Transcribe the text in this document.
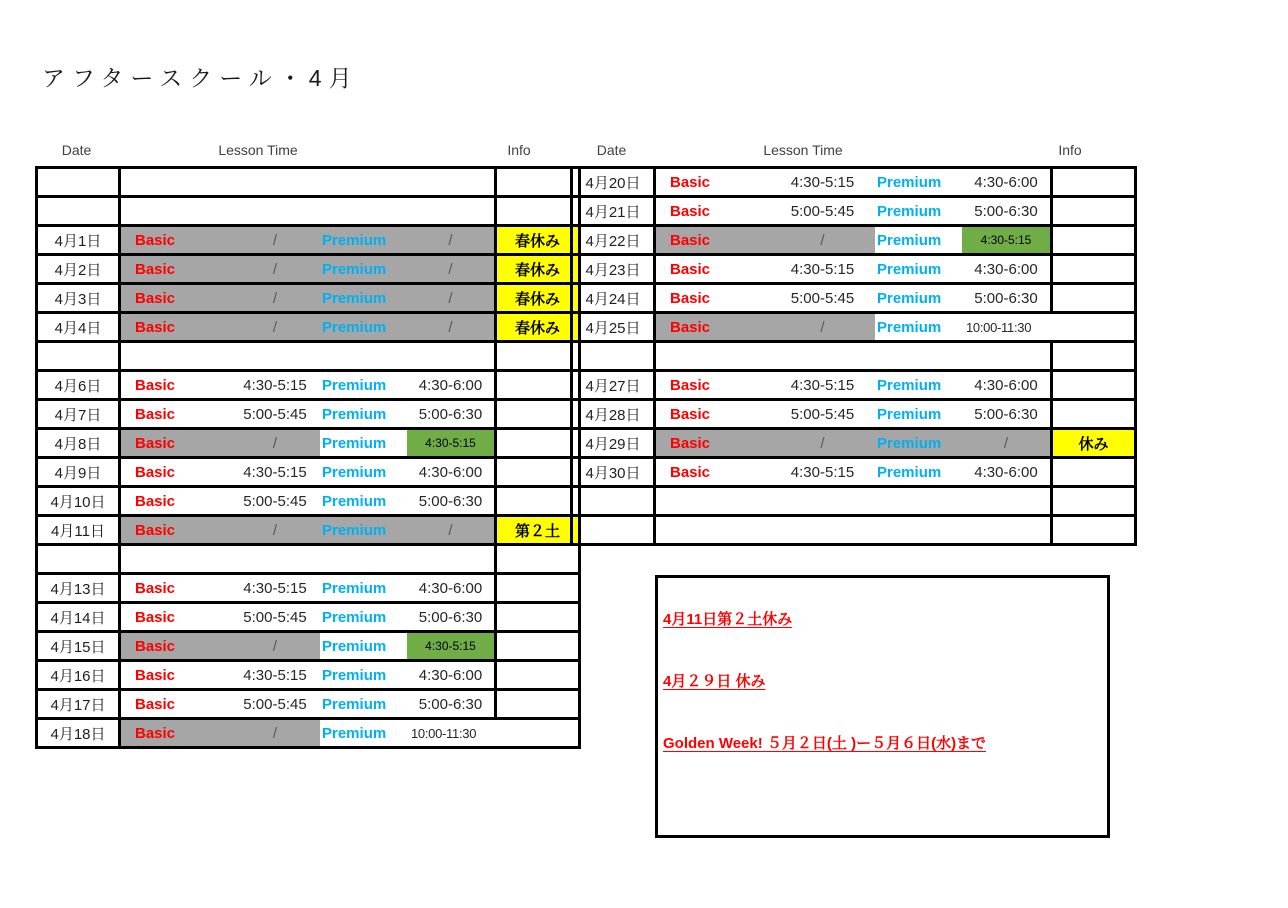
アフタースクール・4月
Date	Lesson Time	Info	Date	Lesson Time	Info

4月1日	Basic / Premium /	春休み
4月2日	Basic / Premium /	春休み
4月3日	Basic / Premium /	春休み
4月4日	Basic / Premium /	春休み

4月6日	Basic 4:30-5:15 Premium 4:30-6:00	

4月7日	Basic 5:00-5:45 Premium 5:00-6:30	

4月8日	Basic / Premium 4:30-5:15	

4月9日	Basic 4:30-5:15 Premium 4:30-6:00	

4月10日	Basic 5:00-5:45 Premium 5:00-6:30	

4月11日	Basic / Premium /	第２土

4月13日	Basic 4:30-5:15 Premium 4:30-6:00	

4月14日	Basic 5:00-5:45 Premium 5:00-6:30	

4月15日	Basic / Premium 4:30-5:15	

4月16日	Basic 4:30-5:15 Premium 4:30-6:00	

4月17日	Basic 5:00-5:45 Premium 5:00-6:30	

4月18日	Basic / Premium 10:00-11:30	
4月20日	Basic 4:30-5:15 Premium 4:30-6:00	

4月21日	Basic 5:00-5:45 Premium 5:00-6:30	

4月22日	Basic / Premium 4:30-5:15	

4月23日	Basic 4:30-5:15 Premium 4:30-6:00	

4月24日	Basic 5:00-5:45 Premium 5:00-6:30	

4月25日	Basic / Premium 10:00-11:30	

4月27日	Basic 4:30-5:15 Premium 4:30-6:00	

4月28日	Basic 5:00-5:45 Premium 5:00-6:30	

4月29日	Basic / Premium /	休み
4月30日	Basic 4:30-5:15 Premium 4:30-6:00	

4月11日第２土休み
4月２９日 休み
Golden Week! ５月２日(土 )ー５月６日(水)まで
